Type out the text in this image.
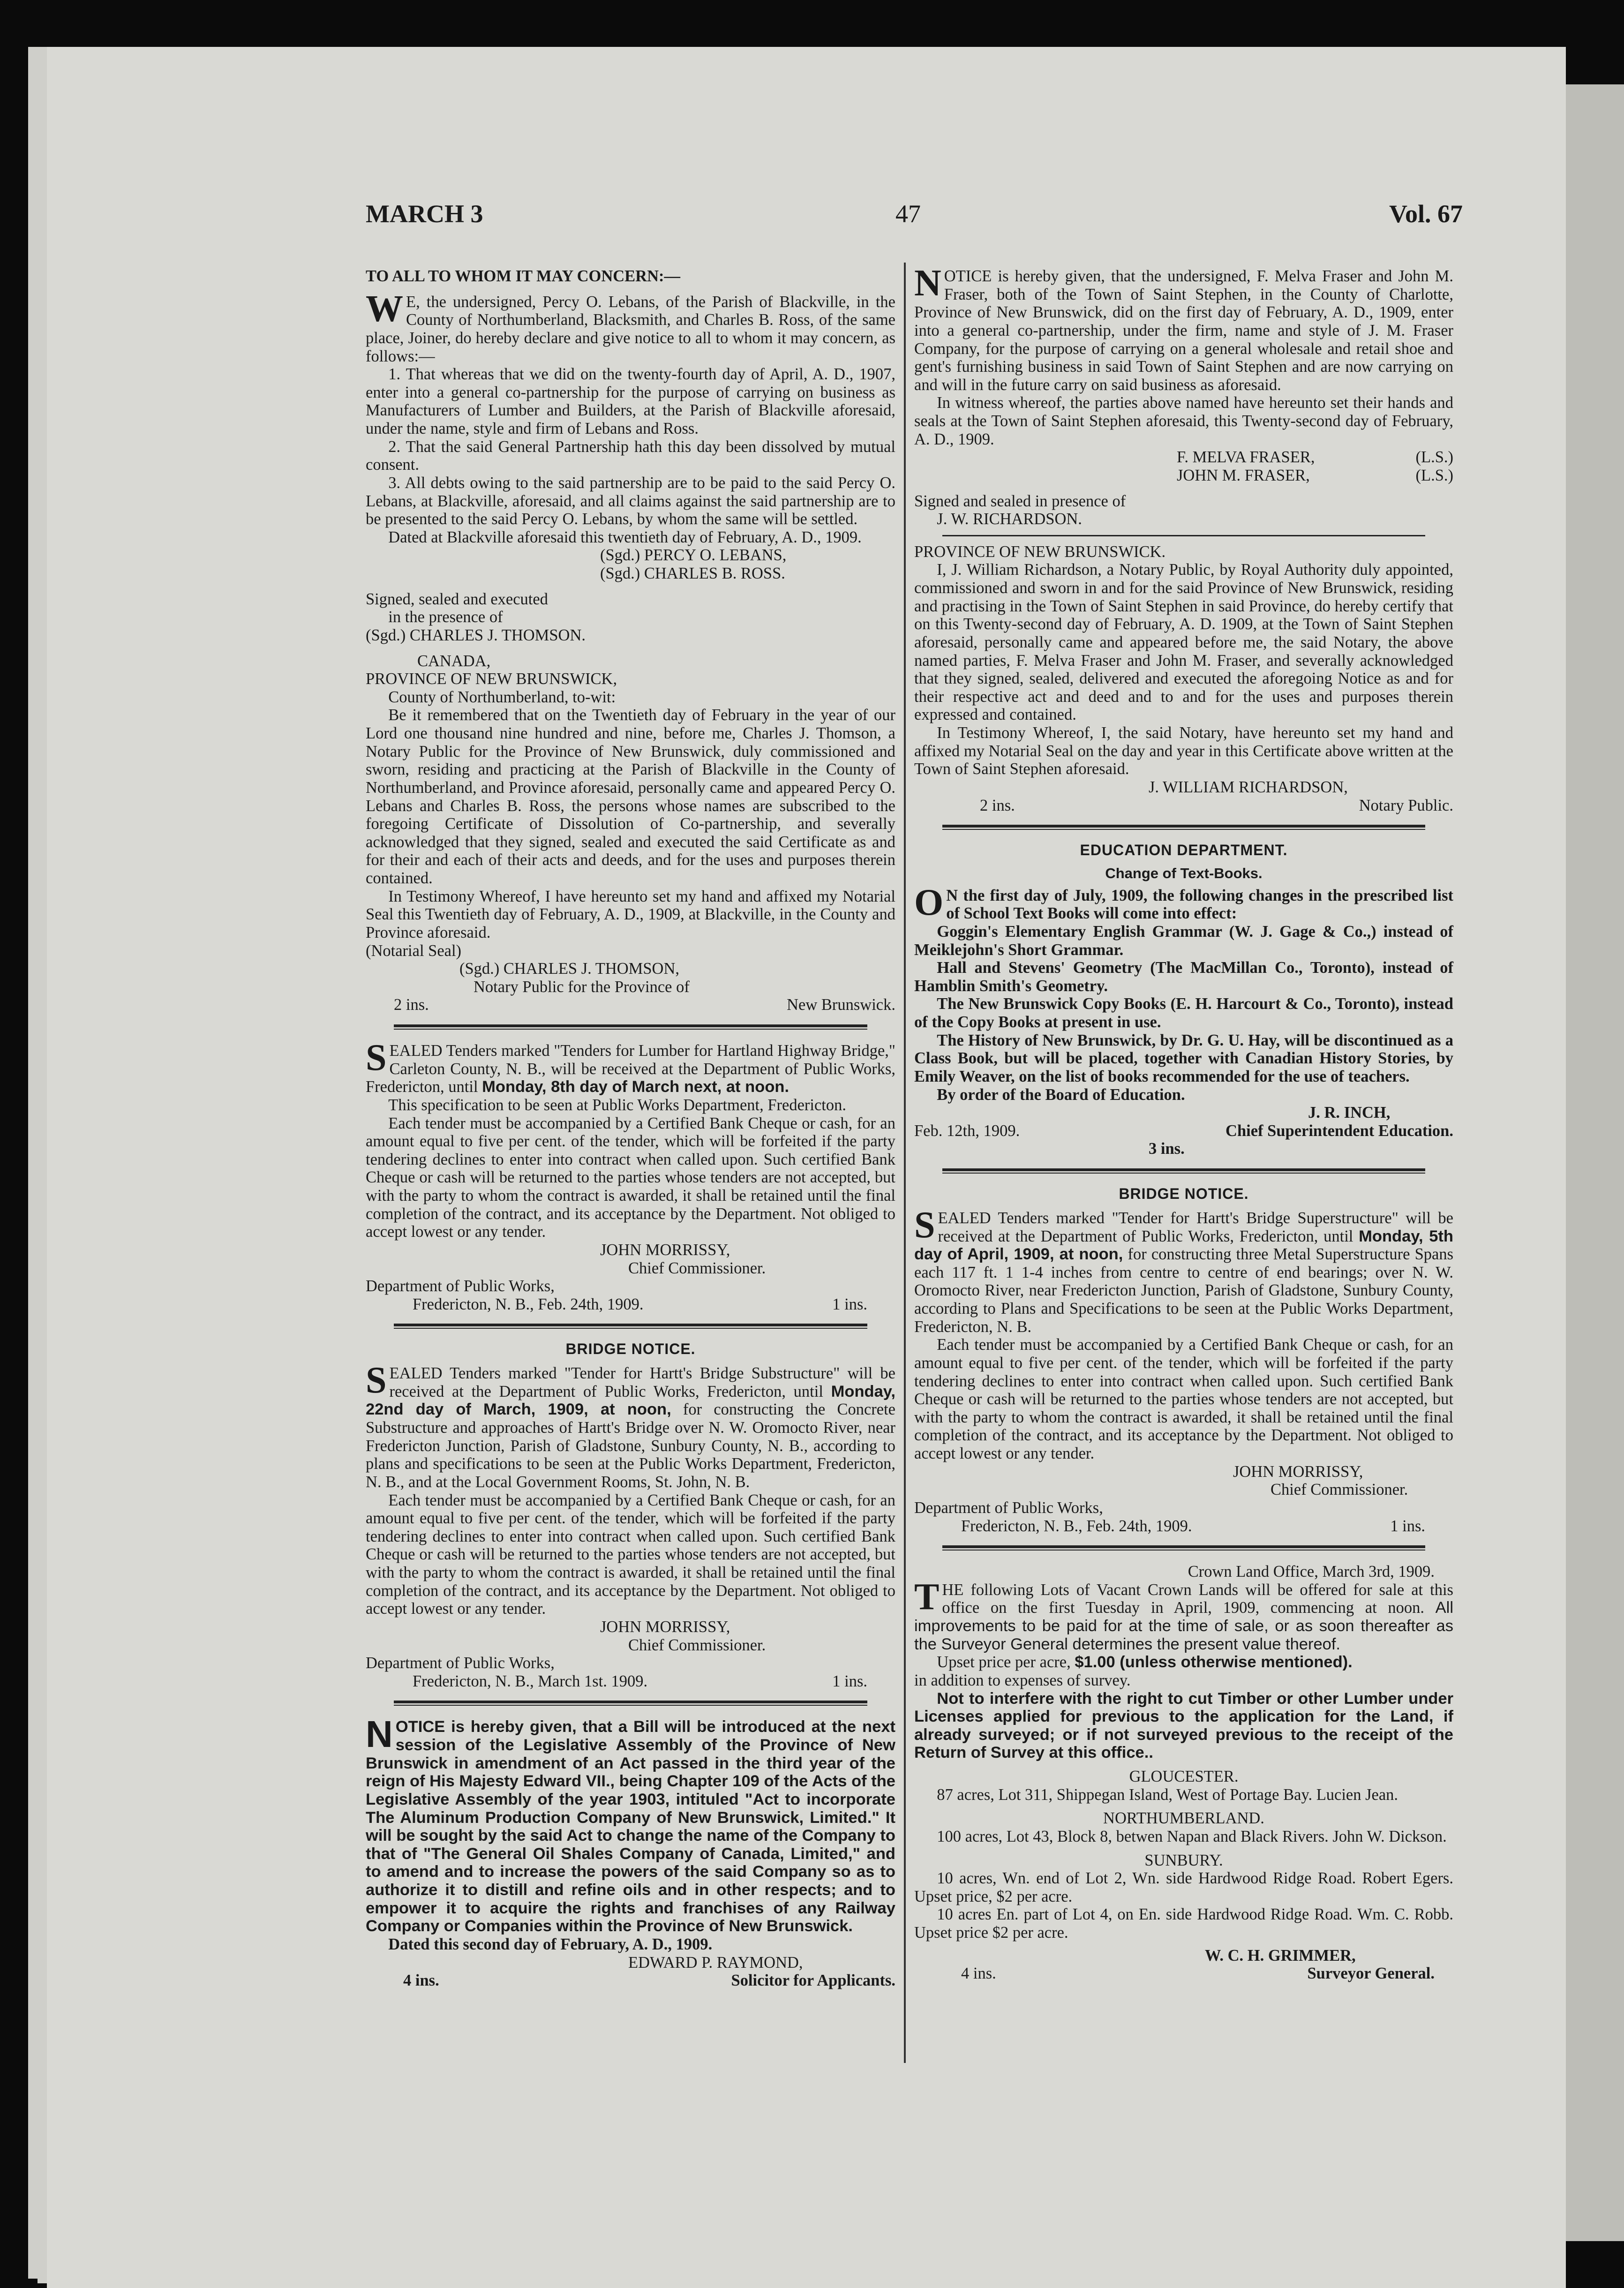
MARCH 3	47	Vol. 67

TO ALL TO WHOM IT MAY CONCERN:—

W E, the undersigned, Percy O. Lebans, of the Parish of Blackville, in the County of Northumberland, Blacksmith, and Charles B. Ross, of the same place, Joiner, do hereby declare and give notice to all to whom it may concern, as follows:—

1. That whereas that we did on the twenty-fourth day of April, A. D., 1907, enter into a general co-partnership for the purpose of carrying on business as Manufacturers of Lumber and Builders, at the Parish of Blackville aforesaid, under the name, style and firm of Lebans and Ross.

2. That the said General Partnership hath this day been dissolved by mutual consent.

3. All debts owing to the said partnership are to be paid to the said Percy O. Lebans, at Blackville, aforesaid, and all claims against the said partnership are to be presented to the said Percy O. Lebans, by whom the same will be settled.

Dated at Blackville aforesaid this twentieth day of February, A. D., 1909.

(Sgd.) PERCY O. LEBANS,

(Sgd.) CHARLES B. ROSS.

Signed, sealed and executed

in the presence of

(Sgd.) CHARLES J. THOMSON.

CANADA,

PROVINCE OF NEW BRUNSWICK,

County of Northumberland, to-wit:

Be it remembered that on the Twentieth day of February in the year of our Lord one thousand nine hundred and nine, before me, Charles J. Thomson, a Notary Public for the Province of New Brunswick, duly commissioned and sworn, residing and practicing at the Parish of Blackville in the County of Northumberland, and Province aforesaid, personally came and appeared Percy O. Lebans and Charles B. Ross, the persons whose names are subscribed to the foregoing Certificate of Dissolution of Co-partnership, and severally acknowledged that they signed, sealed and executed the said Certificate as and for their and each of their acts and deeds, and for the uses and purposes therein contained.

In Testimony Whereof, I have hereunto set my hand and affixed my Notarial Seal this Twentieth day of February, A. D., 1909, at Blackville, in the County and Province aforesaid.

(Notarial Seal)

(Sgd.) CHARLES J. THOMSON,

Notary Public for the Province of

2 ins.	New Brunswick.

SEALED Tenders marked "Tenders for Lumber for Hartland Highway Bridge," Carleton County, N. B., will be received at the Department of Public Works, Fredericton, until Monday, 8th day of March next, at noon.

This specification to be seen at Public Works Department, Fredericton.

Each tender must be accompanied by a Certified Bank Cheque or cash, for an amount equal to five per cent. of the tender, which will be forfeited if the party tendering declines to enter into contract when called upon. Such certified Bank Cheque or cash will be returned to the parties whose tenders are not accepted, but with the party to whom the contract is awarded, it shall be retained until the final completion of the contract, and its acceptance by the Department. Not obliged to accept lowest or any tender.

JOHN MORRISSY,

Chief Commissioner.

Department of Public Works,

Fredericton, N. B., Feb. 24th, 1909.	1 ins.

BRIDGE NOTICE.

SEALED Tenders marked "Tender for Hartt's Bridge Substructure" will be received at the Department of Public Works, Fredericton, until Monday, 22nd day of March, 1909, at noon, for constructing the Concrete Substructure and approaches of Hartt's Bridge over N. W. Oromocto River, near Fredericton Junction, Parish of Gladstone, Sunbury County, N. B., according to plans and specifications to be seen at the Public Works Department, Fredericton, N. B., and at the Local Government Rooms, St. John, N. B.

Each tender must be accompanied by a Certified Bank Cheque or cash, for an amount equal to five per cent. of the tender, which will be forfeited if the party tendering declines to enter into contract when called upon. Such certified Bank Cheque or cash will be returned to the parties whose tenders are not accepted, but with the party to whom the contract is awarded, it shall be retained until the final completion of the contract, and its acceptance by the Department. Not obliged to accept lowest or any tender.

JOHN MORRISSY,

Chief Commissioner.

Department of Public Works,

Fredericton, N. B., March 1st. 1909.	1 ins.

NOTICE is hereby given, that a Bill will be introduced at the next session of the Legislative Assembly of the Province of New Brunswick in amendment of an Act passed in the third year of the reign of His Majesty Edward VII., being Chapter 109 of the Acts of the Legislative Assembly of the year 1903, intituled "Act to incorporate The Aluminum Production Company of New Brunswick, Limited." It will be sought by the said Act to change the name of the Company to that of "The General Oil Shales Company of Canada, Limited," and to amend and to increase the powers of the said Company so as to authorize it to distill and refine oils and in other respects; and to empower it to acquire the rights and franchises of any Railway Company or Companies within the Province of New Brunswick.

Dated this second day of February, A. D., 1909.

EDWARD P. RAYMOND,

4 ins.	Solicitor for Applicants.

NOTICE is hereby given, that the undersigned, F. Melva Fraser and John M. Fraser, both of the Town of Saint Stephen, in the County of Charlotte, Province of New Brunswick, did on the first day of February, A. D., 1909, enter into a general co-partnership, under the firm, name and style of J. M. Fraser Company, for the purpose of carrying on a general wholesale and retail shoe and gent's furnishing business in said Town of Saint Stephen and are now carrying on and will in the future carry on said business as aforesaid.

In witness whereof, the parties above named have hereunto set their hands and seals at the Town of Saint Stephen aforesaid, this Twenty-second day of February, A. D., 1909.

F. MELVA FRASER,	(L.S.)
JOHN M. FRASER,	(L.S.)

Signed and sealed in presence of

J. W. RICHARDSON.

PROVINCE OF NEW BRUNSWICK.

I, J. William Richardson, a Notary Public, by Royal Authority duly appointed, commissioned and sworn in and for the said Province of New Brunswick, residing and practising in the Town of Saint Stephen in said Province, do hereby certify that on this Twenty-second day of February, A. D. 1909, at the Town of Saint Stephen aforesaid, personally came and appeared before me, the said Notary, the above named parties, F. Melva Fraser and John M. Fraser, and severally acknowledged that they signed, sealed, delivered and executed the aforegoing Notice as and for their respective act and deed and to and for the uses and purposes therein expressed and contained.

In Testimony Whereof, I, the said Notary, have hereunto set my hand and affixed my Notarial Seal on the day and year in this Certificate above written at the Town of Saint Stephen aforesaid.

J. WILLIAM RICHARDSON,

2 ins.	Notary Public.

EDUCATION DEPARTMENT.

Change of Text-Books.

O N the first day of July, 1909, the following changes in the prescribed list of School Text Books will come into effect:

Goggin's Elementary English Grammar (W. J. Gage & Co.,) instead of Meiklejohn's Short Grammar.

Hall and Stevens' Geometry (The MacMillan Co., Toronto), instead of Hamblin Smith's Geometry.

The New Brunswick Copy Books (E. H. Harcourt & Co., Toronto), instead of the Copy Books at present in use.

The History of New Brunswick, by Dr. G. U. Hay, will be discontinued as a Class Book, but will be placed, together with Canadian History Stories, by Emily Weaver, on the list of books recommended for the use of teachers.

By order of the Board of Education.

J. R. INCH,

Feb. 12th, 1909.	Chief Superintendent Education.

3 ins.

BRIDGE NOTICE.

SEALED Tenders marked "Tender for Hartt's Bridge Superstructure" will be received at the Department of Public Works, Fredericton, until Monday, 5th day of April, 1909, at noon, for constructing three Metal Superstructure Spans each 117 ft. 1 1-4 inches from centre to centre of end bearings; over N. W. Oromocto River, near Fredericton Junction, Parish of Gladstone, Sunbury County, according to Plans and Specifications to be seen at the Public Works Department, Fredericton, N. B.

Each tender must be accompanied by a Certified Bank Cheque or cash, for an amount equal to five per cent. of the tender, which will be forfeited if the party tendering declines to enter into contract when called upon. Such certified Bank Cheque or cash will be returned to the parties whose tenders are not accepted, but with the party to whom the contract is awarded, it shall be retained until the final completion of the contract, and its acceptance by the Department. Not obliged to accept lowest or any tender.

JOHN MORRISSY,

Chief Commissioner.

Department of Public Works,

Fredericton, N. B., Feb. 24th, 1909.	1 ins.

Crown Land Office, March 3rd, 1909.

THE following Lots of Vacant Crown Lands will be offered for sale at this office on the first Tuesday in April, 1909, commencing at noon. All improvements to be paid for at the time of sale, or as soon thereafter as the Surveyor General determines the present value thereof.

Upset price per acre, $1.00 (unless otherwise mentioned).

in addition to expenses of survey.

Not to interfere with the right to cut Timber or other Lumber under Licenses applied for previous to the application for the Land, if already surveyed; or if not surveyed previous to the receipt of the Return of Survey at this office..

GLOUCESTER.

87 acres, Lot 311, Shippegan Island, West of Portage Bay. Lucien Jean.

NORTHUMBERLAND.

100 acres, Lot 43, Block 8, betwen Napan and Black Rivers. John W. Dickson.

SUNBURY.

10 acres, Wn. end of Lot 2, Wn. side Hardwood Ridge Road. Robert Egers. Upset price, $2 per acre.

10 acres En. part of Lot 4, on En. side Hardwood Ridge Road. Wm. C. Robb. Upset price $2 per acre.

W. C. H. GRIMMER,

4 ins.	Surveyor General.
